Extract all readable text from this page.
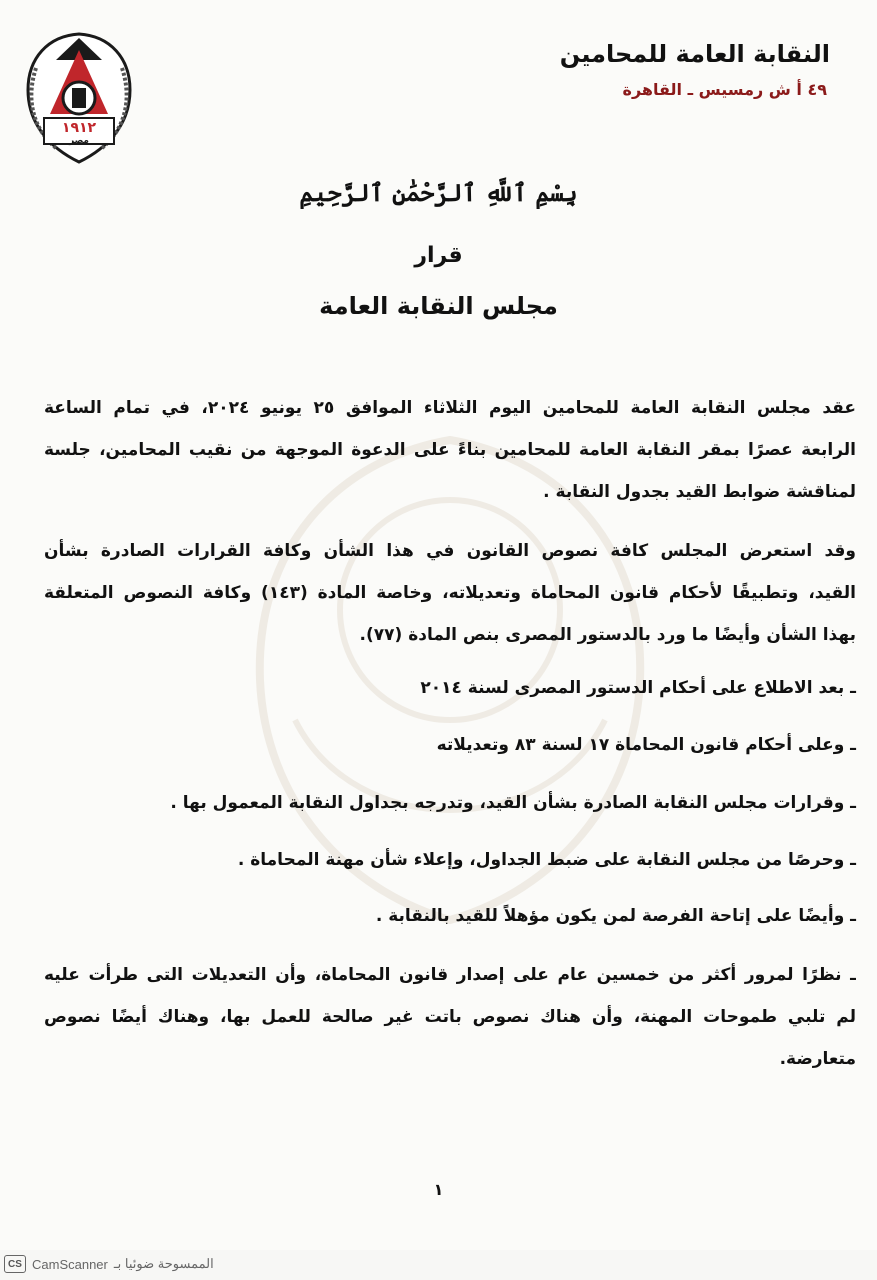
١٩١٢
مصر
النقابة العامة للمحامين
٤٩ أ ش رمسيس ـ القاهرة
بِسْمِ ٱللَّهِ ٱلرَّحْمَٰنِ ٱلرَّحِيمِ
قرار
مجلس النقابة العامة
عقد مجلس النقابة العامة للمحامين اليوم الثلاثاء الموافق ٢٥ يونيو ٢٠٢٤، في تمام الساعة
الرابعة عصرًا بمقر النقابة العامة للمحامين بناءً على الدعوة الموجهة من نقيب المحامين، جلسة
لمناقشة ضوابط القيد بجدول النقابة .
وقد استعرض المجلس كافة نصوص القانون في هذا الشأن وكافة القرارات الصادرة بشأن
القيد، وتطبيقًا لأحكام قانون المحاماة وتعديلاته، وخاصة المادة (١٤٣) وكافة النصوص المتعلقة
بهذا الشأن وأيضًا ما ورد بالدستور المصرى بنص المادة (٧٧).
ـ بعد الاطلاع على أحكام الدستور المصرى لسنة ٢٠١٤
ـ وعلى أحكام قانون المحاماة ١٧ لسنة ٨٣ وتعديلاته
ـ وقرارات مجلس النقابة الصادرة بشأن القيد، وتدرجه بجداول النقابة المعمول بها .
ـ وحرصًا من مجلس النقابة على ضبط الجداول، وإعلاء شأن مهنة المحاماة .
ـ وأيضًا على إتاحة الفرصة لمن يكون مؤهلاً للقيد بالنقابة .
ـ نظرًا لمرور أكثر من خمسين عام على إصدار قانون المحاماة، وأن التعديلات التى طرأت عليه
لم تلبي طموحات المهنة، وأن هناك نصوص باتت غير صالحة للعمل بها، وهناك أيضًا نصوص
متعارضة.
١
CS CamScanner الممسوحة ضوئيا بـ
